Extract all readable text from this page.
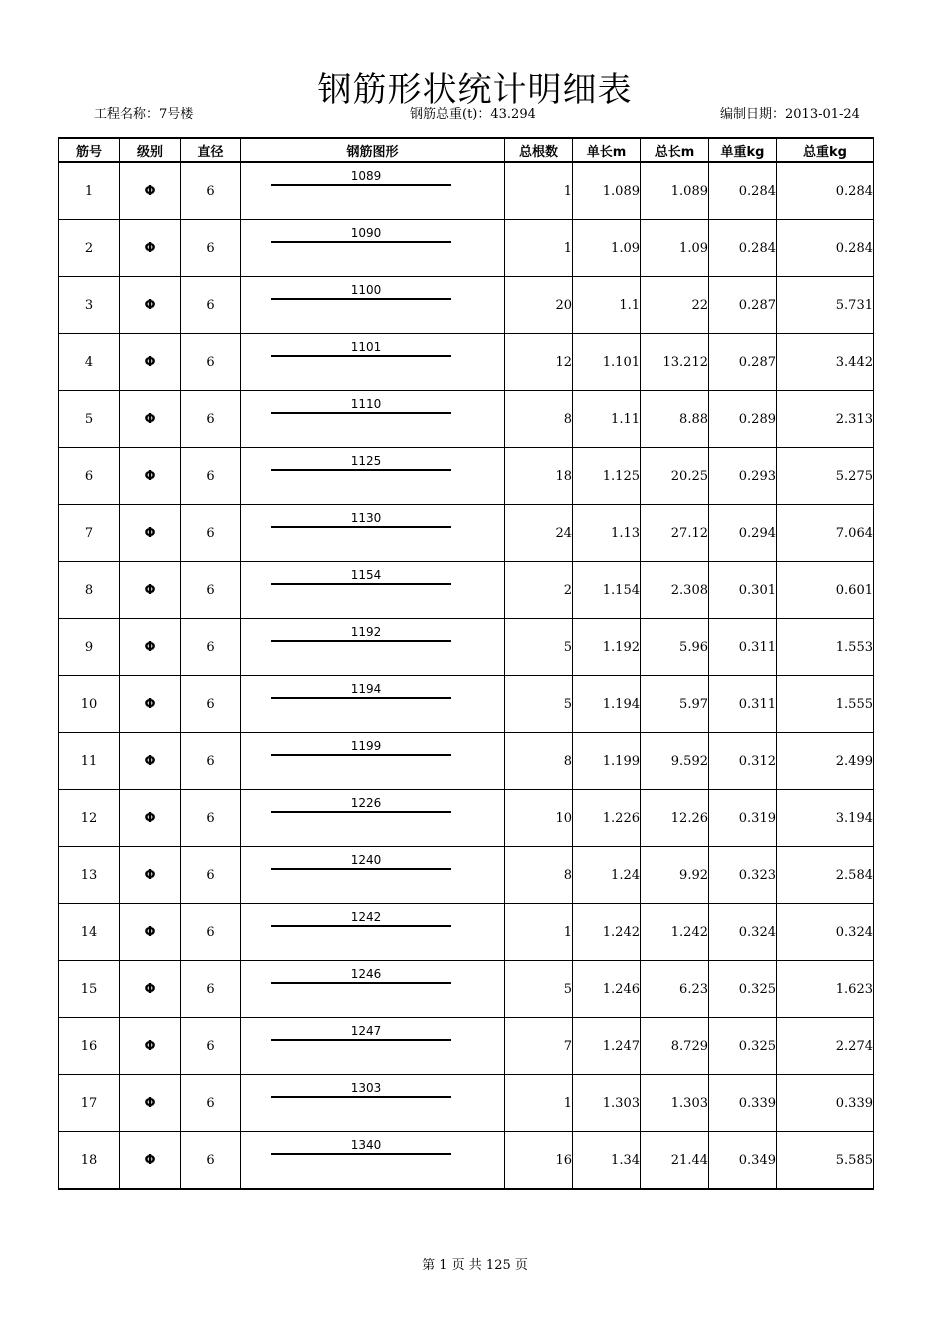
钢筋形状统计明细表
工程名称：7号楼	钢筋总重(t)：43.294	编制日期：2013-01-24
筋号	级别	直径	钢筋图形	总根数	单长m	总长m	单重kg	总重kg
1	Φ	6	1089	1	1.089	1.089	0.284	0.284
2	Φ	6	1090	1	1.09	1.09	0.284	0.284
3	Φ	6	1100	20	1.1	22	0.287	5.731
4	Φ	6	1101	12	1.101	13.212	0.287	3.442
5	Φ	6	1110	8	1.11	8.88	0.289	2.313
6	Φ	6	1125	18	1.125	20.25	0.293	5.275
7	Φ	6	1130	24	1.13	27.12	0.294	7.064
8	Φ	6	1154	2	1.154	2.308	0.301	0.601
9	Φ	6	1192	5	1.192	5.96	0.311	1.553
10	Φ	6	1194	5	1.194	5.97	0.311	1.555
11	Φ	6	1199	8	1.199	9.592	0.312	2.499
12	Φ	6	1226	10	1.226	12.26	0.319	3.194
13	Φ	6	1240	8	1.24	9.92	0.323	2.584
14	Φ	6	1242	1	1.242	1.242	0.324	0.324
15	Φ	6	1246	5	1.246	6.23	0.325	1.623
16	Φ	6	1247	7	1.247	8.729	0.325	2.274
17	Φ	6	1303	1	1.303	1.303	0.339	0.339
18	Φ	6	1340	16	1.34	21.44	0.349	5.585
第 1 页 共 125 页
